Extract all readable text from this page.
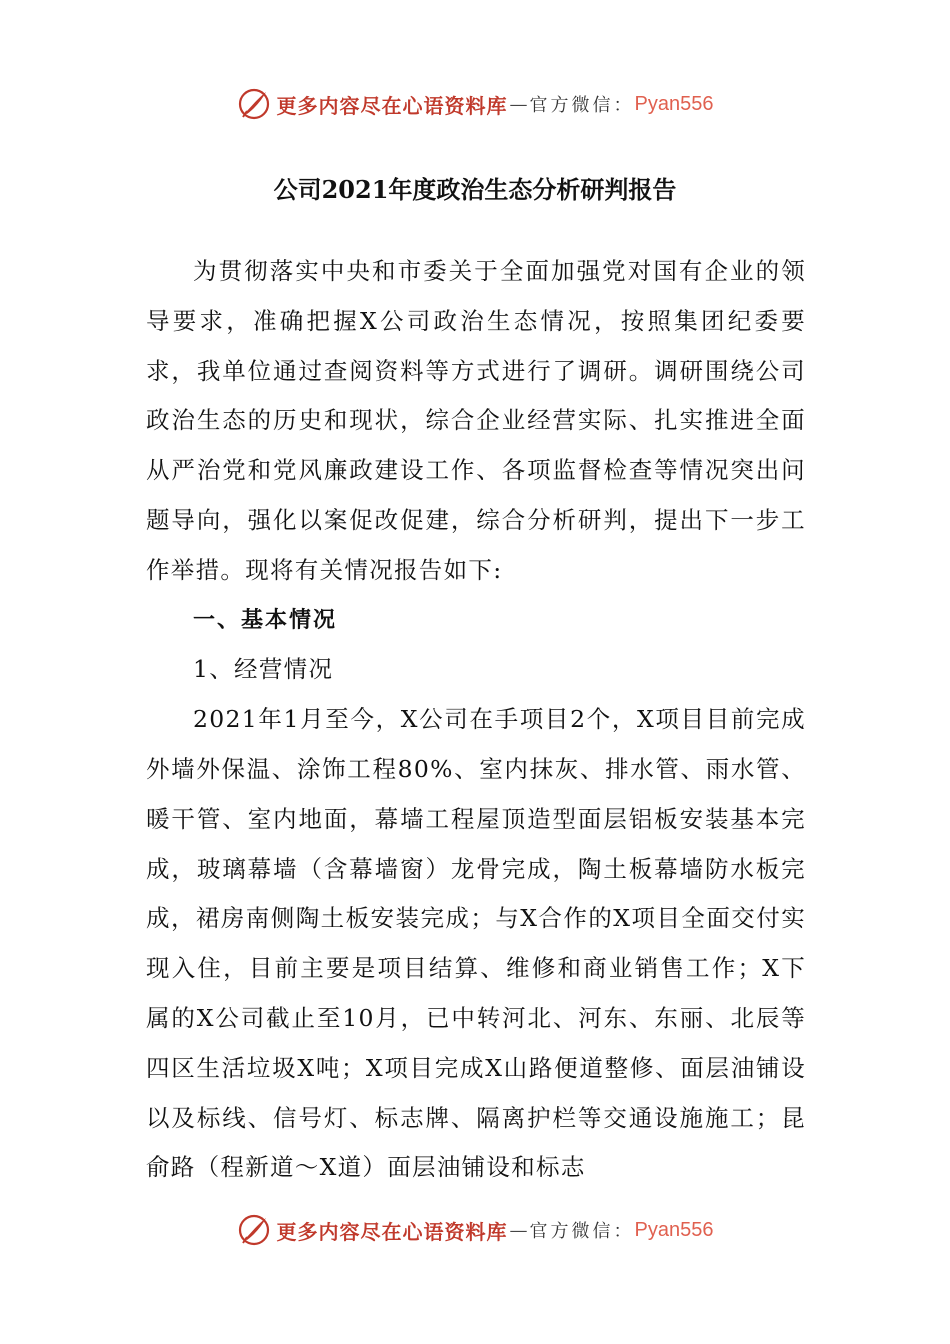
更多内容尽在心语资料库 — 官方微信： Pyan556
公司2021年度政治生态分析研判报告

为贯彻落实中央和市委关于全面加强党对国有企业的领导要求，准确把握X公司政治生态情况，按照集团纪委要求，我单位通过查阅资料等方式进行了调研。调研围绕公司政治生态的历史和现状，综合企业经营实际、扎实推进全面从严治党和党风廉政建设工作、各项监督检查等情况突出问题导向，强化以案促改促建，综合分析研判，提出下一步工作举措。现将有关情况报告如下:

一、基本情况

1、经营情况

2021年1月至今，X公司在手项目2个，X项目目前完成外墙外保温、涂饰工程80%、室内抹灰、排水管、雨水管、暖干管、室内地面，幕墙工程屋顶造型面层铝板安装基本完成，玻璃幕墙（含幕墙窗）龙骨完成，陶土板幕墙防水板完成，裙房南侧陶土板安装完成；与X合作的X项目全面交付实现入住，目前主要是项目结算、维修和商业销售工作；X下属的X公司截止至10月，已中转河北、河东、东丽、北辰等四区生活垃圾X吨；X项目完成X山路便道整修、面层油铺设以及标线、信号灯、标志牌、隔离护栏等交通设施施工；昆俞路（程新道～X道）面层油铺设和标志

更多内容尽在心语资料库 — 官方微信： Pyan556
